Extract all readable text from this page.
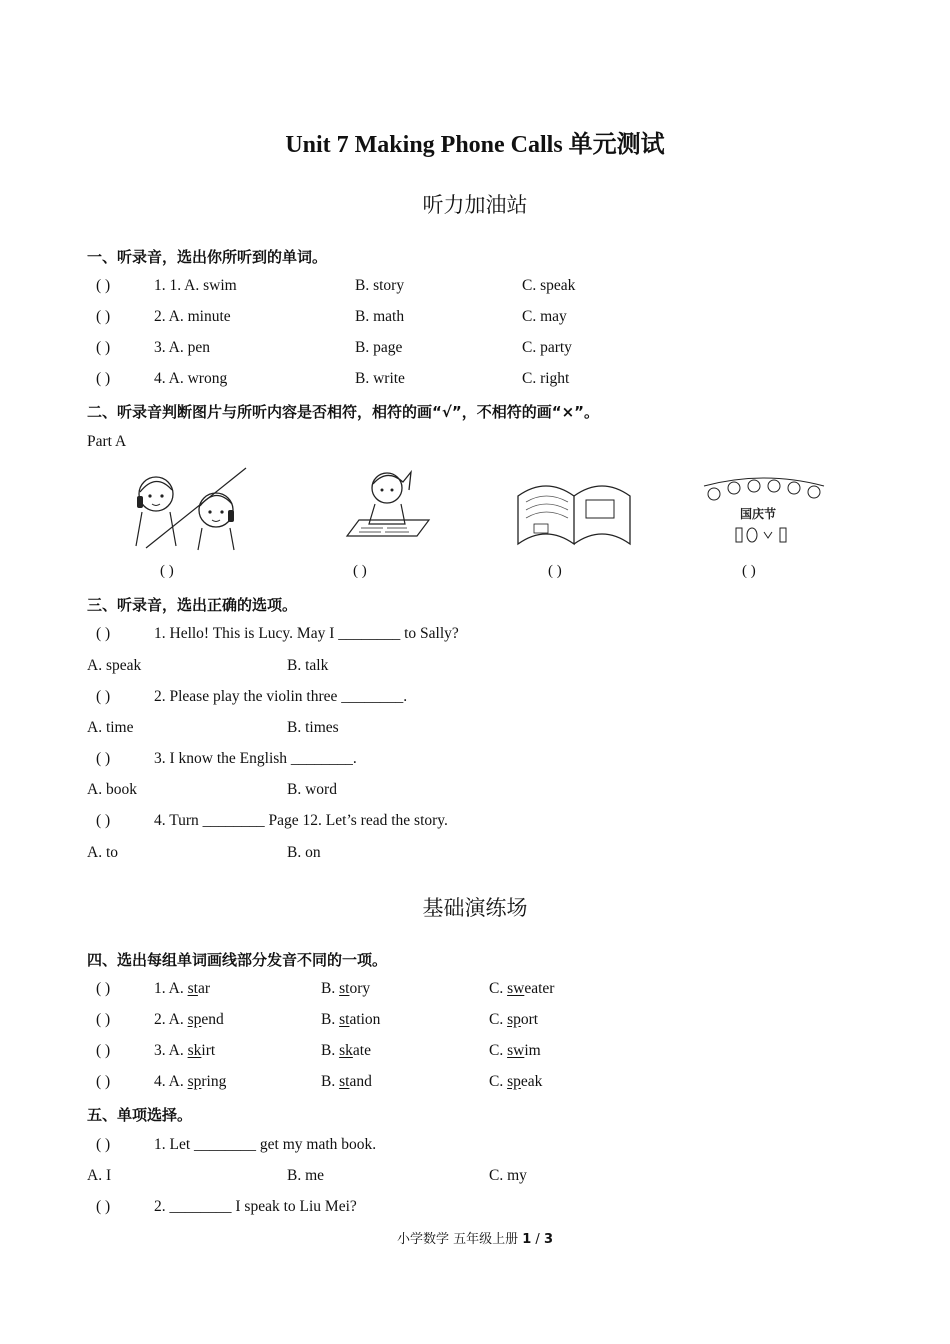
Unit 7 Making Phone Calls 单元测试
听力加油站
一、听录音，选出你所听到的单词。
( )	1. 1. A. swim	B. story	C. speak
( )	2. A. minute	B. math	C. may
( )	3. A. pen	B. page	C. party
( )	4. A. wrong	B. write	C. right
二、听录音判断图片与所听内容是否相符，相符的画“√”，不相符的画“×”。
Part A
国庆节
( )	( )	( )	( )
三、听录音，选出正确的选项。
( )	1. Hello! This is Lucy. May I ________ to Sally?
A. speak	B. talk
( )	2. Please play the violin three ________.
A. time	B. times
( )	3. I know the English ________.
A. book	B. word
( )	4. Turn ________ Page 12. Let’s read the story.
A. to	B. on
基础演练场
四、选出每组单词画线部分发音不同的一项。
( )	1. A. star	B. story	C. sweater
( )	2. A. spend	B. station	C. sport
( )	3. A. skirt	B. skate	C. swim
( )	4. A. spring	B. stand	C. speak
五、单项选择。
( )	1. Let ________ get my math book.
A. I	B. me	C. my
( )	2. ________ I speak to Liu Mei?
小学数学 五年级上册 1 / 3
